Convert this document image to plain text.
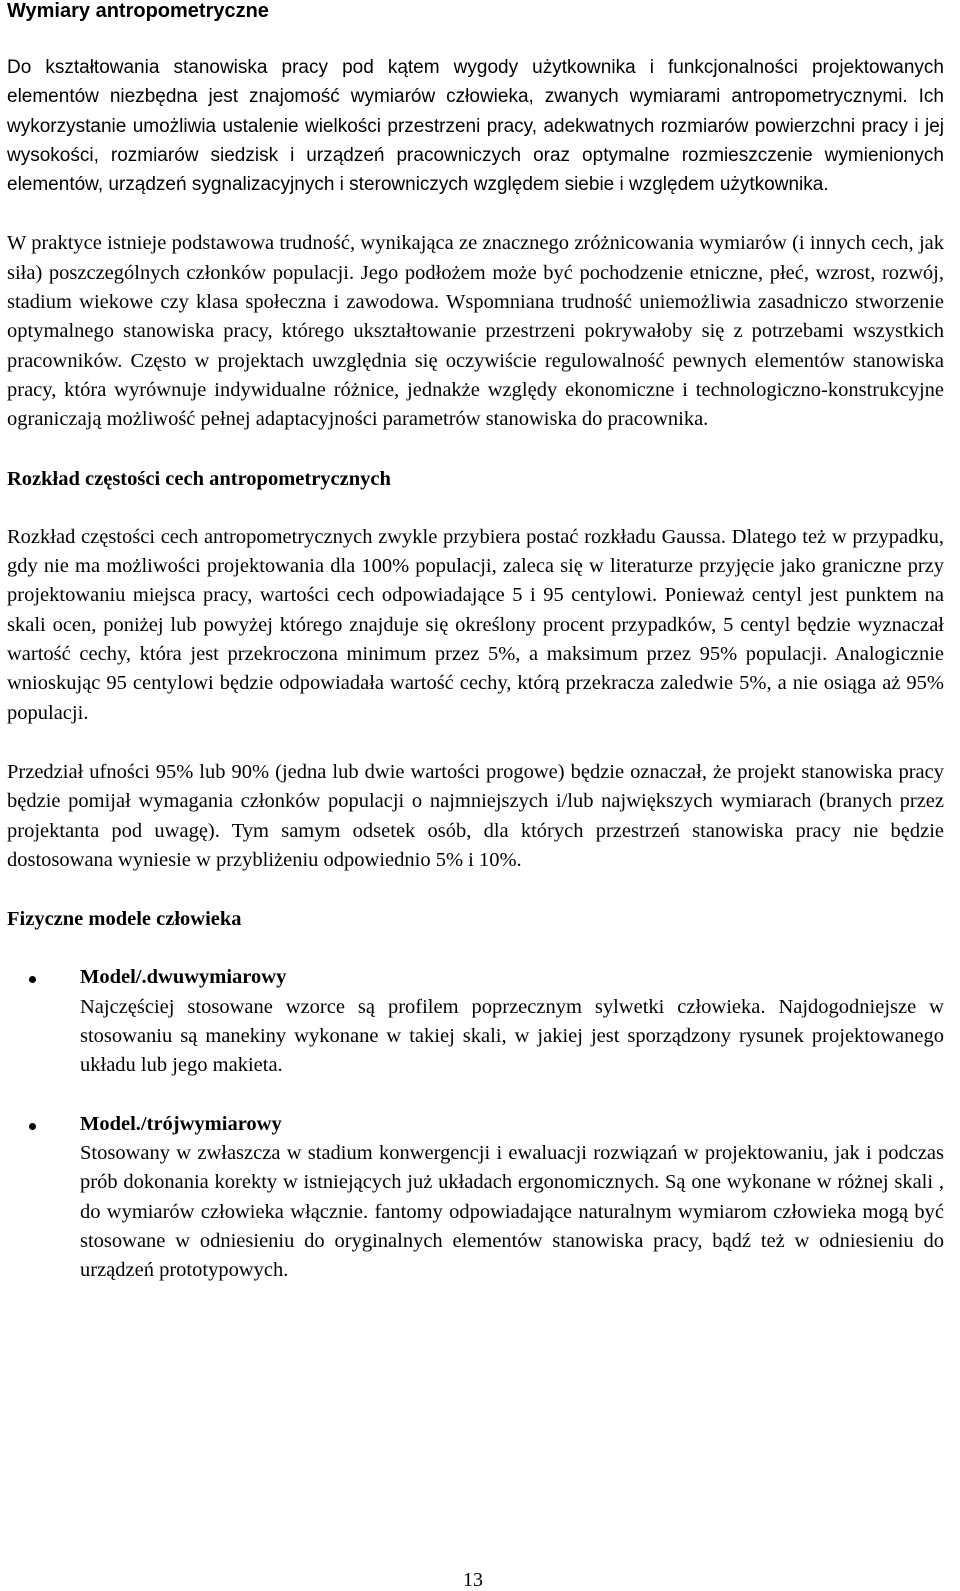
Wymiary antropometryczne

Do kształtowania stanowiska pracy pod kątem wygody użytkownika i funkcjonalności projektowanych elementów niezbędna jest znajomość wymiarów człowieka, zwanych wymiarami antropometrycznymi. Ich wykorzystanie umożliwia ustalenie wielkości przestrzeni pracy, adekwatnych rozmiarów powierzchni pracy i jej wysokości, rozmiarów siedzisk i urządzeń pracowniczych oraz optymalne rozmieszczenie wymienionych elementów, urządzeń sygnalizacyjnych i sterowniczych względem siebie i względem użytkownika.

W praktyce istnieje podstawowa trudność, wynikająca ze znacznego zróżnicowania wymiarów (i innych cech, jak siła) poszczególnych członków populacji. Jego podłożem może być pochodzenie etniczne, płeć, wzrost, rozwój, stadium wiekowe czy klasa społeczna i zawodowa. Wspomniana trudność uniemożliwia zasadniczo stworzenie optymalnego stanowiska pracy, którego ukształtowanie przestrzeni pokrywałoby się z potrzebami wszystkich pracowników. Często w projektach uwzględnia się oczywiście regulowalność pewnych elementów stanowiska pracy, która wyrównuje indywidualne różnice, jednakże względy ekonomiczne i technologiczno-konstrukcyjne ograniczają możliwość pełnej adaptacyjności parametrów stanowiska do pracownika.

Rozkład częstości cech antropometrycznych

Rozkład częstości cech antropometrycznych zwykle przybiera postać rozkładu Gaussa. Dlatego też w przypadku, gdy nie ma możliwości projektowania dla 100% populacji, zaleca się w literaturze przyjęcie jako graniczne przy projektowaniu miejsca pracy, wartości cech odpowiadające 5 i 95 centylowi. Ponieważ centyl jest punktem na skali ocen, poniżej lub powyżej którego znajduje się określony procent przypadków, 5 centyl będzie wyznaczał wartość cechy, która jest przekroczona minimum przez 5%, a maksimum przez 95% populacji. Analogicznie wnioskując 95 centylowi będzie odpowiadała wartość cechy, którą przekracza zaledwie 5%, a nie osiąga aż 95% populacji.

Przedział ufności 95% lub 90% (jedna lub dwie wartości progowe) będzie oznaczał, że projekt stanowiska pracy będzie pomijał wymagania członków populacji o najmniejszych i/lub największych wymiarach (branych przez projektanta pod uwagę). Tym samym odsetek osób, dla których przestrzeń stanowiska pracy nie będzie dostosowana wyniesie w przybliżeniu odpowiednio 5% i 10%.

Fizyczne modele człowieka
Model/.dwuwymiarowy

Najczęściej stosowane wzorce są profilem poprzecznym sylwetki człowieka. Najdogodniejsze w stosowaniu są manekiny wykonane w takiej skali, w jakiej jest sporządzony rysunek projektowanego układu lub jego makieta.

Model./trójwymiarowy

Stosowany w zwłaszcza w stadium konwergencji i ewaluacji rozwiązań w projektowaniu, jak i podczas prób dokonania korekty w istniejących już układach ergonomicznych. Są one wykonane w różnej skali , do wymiarów człowieka włącznie. fantomy odpowiadające naturalnym wymiarom człowieka mogą być stosowane w odniesieniu do oryginalnych elementów stanowiska pracy, bądź też w odniesieniu do urządzeń prototypowych.

13
